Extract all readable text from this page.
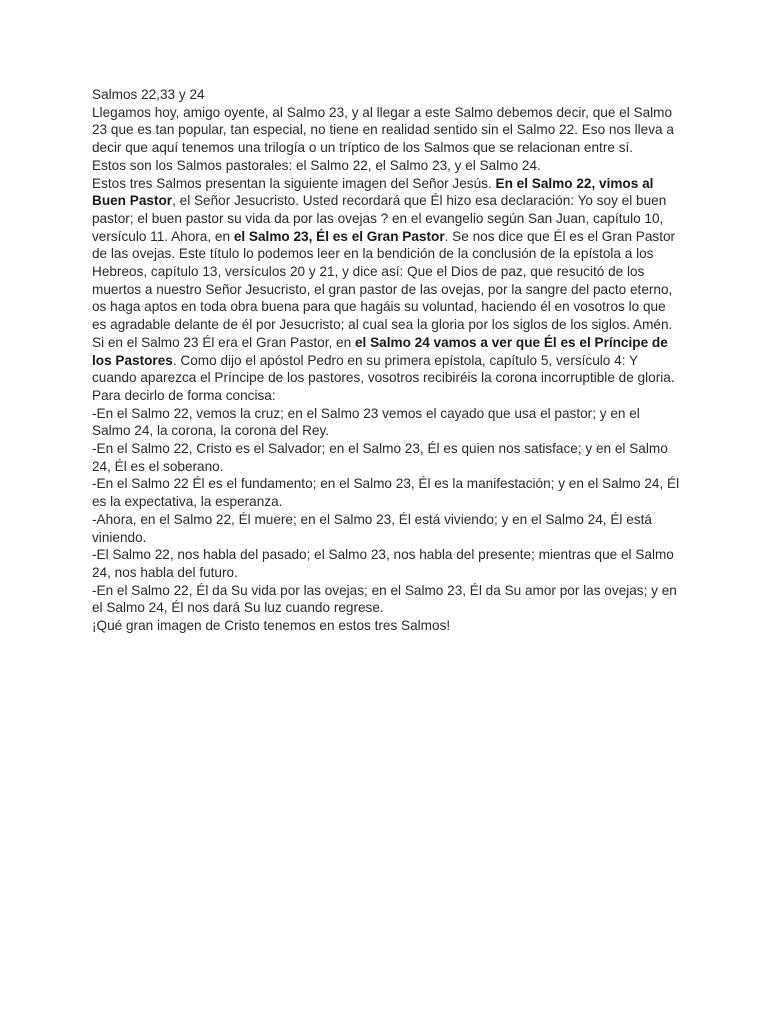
Salmos 22,33 y 24

Llegamos hoy, amigo oyente, al Salmo 23, y al llegar a este Salmo debemos decir, que el Salmo 23 que es tan popular, tan especial, no tiene en realidad sentido sin el Salmo 22. Eso nos lleva a decir que aquí tenemos una trilogía o un tríptico de los Salmos que se relacionan entre sí.

Estos son los Salmos pastorales: el Salmo 22, el Salmo 23, y el Salmo 24.

Estos tres Salmos presentan la siguiente imagen del Señor Jesús. En el Salmo 22, vimos al Buen Pastor, el Señor Jesucristo. Usted recordará que Él hizo esa declaración: Yo soy el buen pastor; el buen pastor su vida da por las ovejas ? en el evangelio según San Juan, capítulo 10, versículo 11. Ahora, en el Salmo 23, Él es el Gran Pastor. Se nos dice que Él es el Gran Pastor de las ovejas. Este título lo podemos leer en la bendición de la conclusión de la epístola a los Hebreos, capítulo 13, versículos 20 y 21, y dice así: Que el Dios de paz, que resucitó de los muertos a nuestro Señor Jesucristo, el gran pastor de las ovejas, por la sangre del pacto eterno, os haga aptos en toda obra buena para que hagáis su voluntad, haciendo él en vosotros lo que es agradable delante de él por Jesucristo; al cual sea la gloria por los siglos de los siglos. Amén. Si en el Salmo 23 Él era el Gran Pastor, en el Salmo 24 vamos a ver que Él es el Príncipe de los Pastores. Como dijo el apóstol Pedro en su primera epístola, capítulo 5, versículo 4: Y cuando aparezca el Príncipe de los pastores, vosotros recibiréis la corona incorruptible de gloria.

Para decirlo de forma concisa:

-En el Salmo 22, vemos la cruz; en el Salmo 23 vemos el cayado que usa el pastor; y en el Salmo 24, la corona, la corona del Rey.

-En el Salmo 22, Cristo es el Salvador; en el Salmo 23, Él es quien nos satisface; y en el Salmo 24, Él es el soberano.

-En el Salmo 22 Él es el fundamento; en el Salmo 23, Él es la manifestación; y en el Salmo 24, Él es la expectativa, la esperanza.

-Ahora, en el Salmo 22, Él muere; en el Salmo 23, Él está viviendo; y en el Salmo 24, Él está viniendo.

-El Salmo 22, nos habla del pasado; el Salmo 23, nos habla del presente; mientras que el Salmo 24, nos habla del futuro.

-En el Salmo 22, Él da Su vida por las ovejas; en el Salmo 23, Él da Su amor por las ovejas; y en el Salmo 24, Él nos dará Su luz cuando regrese.

¡Qué gran imagen de Cristo tenemos en estos tres Salmos!
